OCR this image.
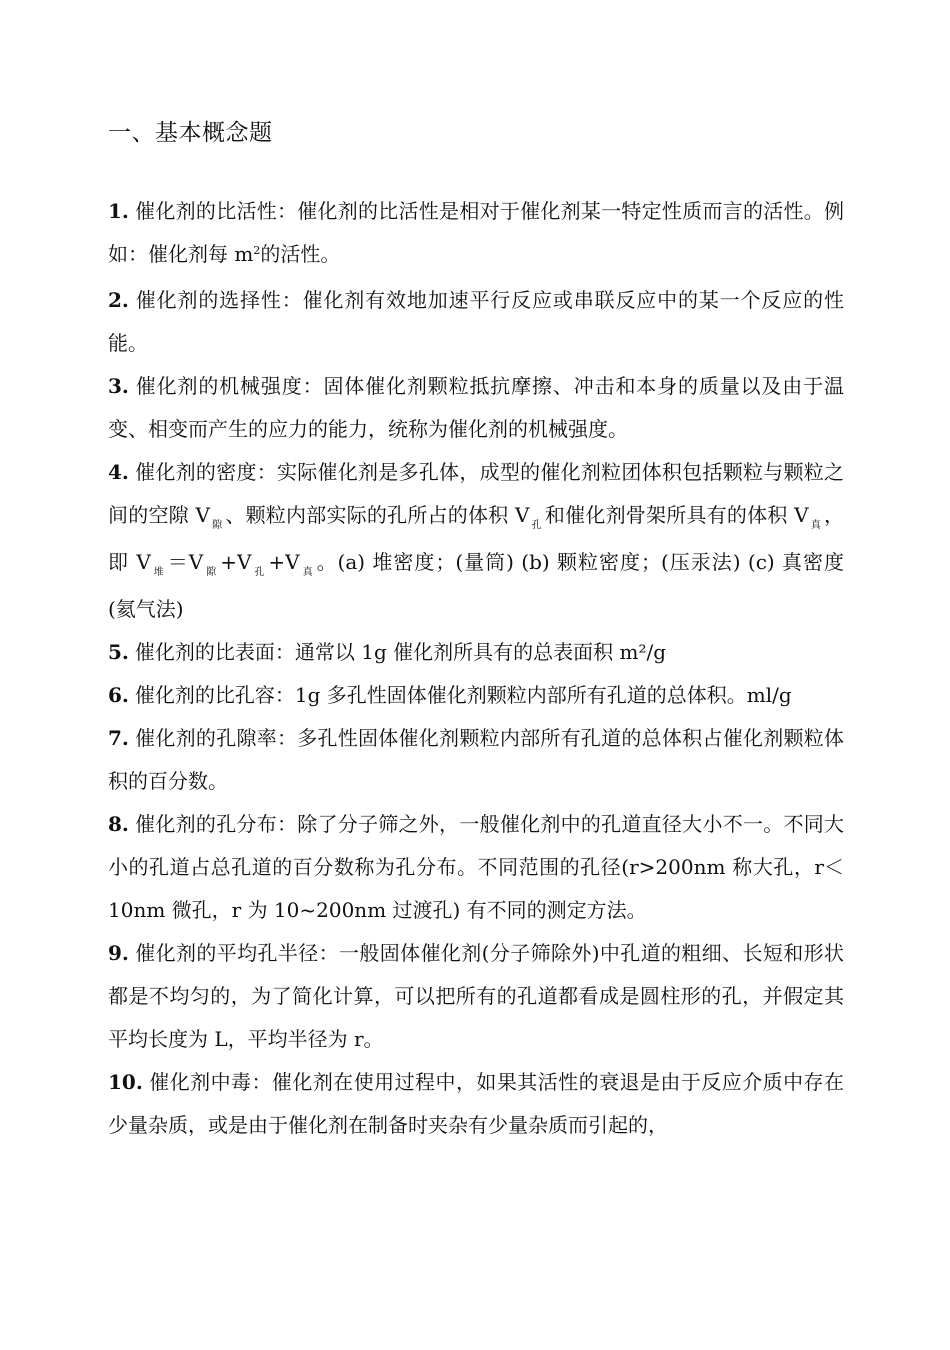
一、基本概念题

1. 催化剂的比活性：催化剂的比活性是相对于催化剂某一特定性质而言的活性。例如：催化剂每 $m^2$的活性。

2. 催化剂的选择性：催化剂有效地加速平行反应或串联反应中的某一个反应的性能。

3. 催化剂的机械强度：固体催化剂颗粒抵抗摩擦、冲击和本身的质量以及由于温变、相变而产生的应力的能力，统称为催化剂的机械强度。

4. 催化剂的密度：实际催化剂是多孔体，成型的催化剂粒团体积包括颗粒与颗粒之间的空隙 V $_隙$ 、颗粒内部实际的孔所占的体积 V $_孔$ 和催化剂骨架所具有的体积 V $_真$ ，即 V $_堆$ ＝V $_隙$ +V $_孔$ +V $_真$ 。(a) 堆密度；(量筒) (b) 颗粒密度；(压汞法) (c) 真密度 (氦气法)

5. 催化剂的比表面：通常以 1g 催化剂所具有的总表面积 m²/g

6. 催化剂的比孔容：1g 多孔性固体催化剂颗粒内部所有孔道的总体积。ml/g

7. 催化剂的孔隙率：多孔性固体催化剂颗粒内部所有孔道的总体积占催化剂颗粒体积的百分数。

8. 催化剂的孔分布：除了分子筛之外，一般催化剂中的孔道直径大小不一。不同大小的孔道占总孔道的百分数称为孔分布。不同范围的孔径(r>200nm 称大孔，r＜10nm 微孔，r 为 10~200nm 过渡孔) 有不同的测定方法。

9. 催化剂的平均孔半径：一般固体催化剂(分子筛除外)中孔道的粗细、长短和形状都是不均匀的，为了简化计算，可以把所有的孔道都看成是圆柱形的孔，并假定其平均长度为 L，平均半径为 r。

10. 催化剂中毒：催化剂在使用过程中，如果其活性的衰退是由于反应介质中存在少量杂质，或是由于催化剂在制备时夹杂有少量杂质而引起的，
